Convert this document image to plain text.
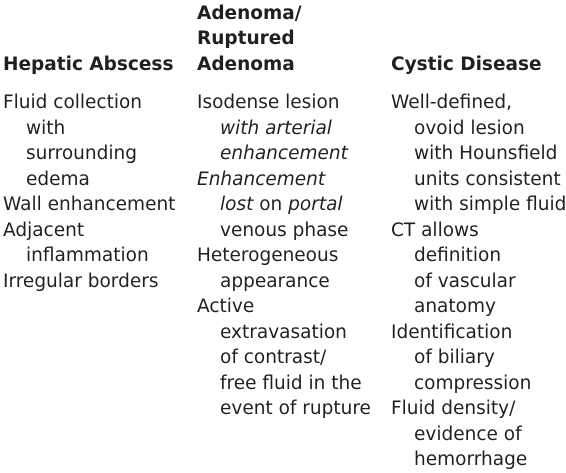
Hepatic Abscess
Fluid collection
with
surrounding
edema
Wall enhancement
Adjacent
inflammation
Irregular borders
Adenoma/
Ruptured
Adenoma
Isodense lesion
with arterial
enhancement
Enhancement
lost on portal
venous phase
Heterogeneous
appearance
Active
extravasation
of contrast/
free fluid in the
event of rupture
Cystic Disease
Well-defined,
ovoid lesion
with Hounsfield
units consistent
with simple fluid
CT allows
definition
of vascular
anatomy
Identification
of biliary
compression
Fluid density/
evidence of
hemorrhage
